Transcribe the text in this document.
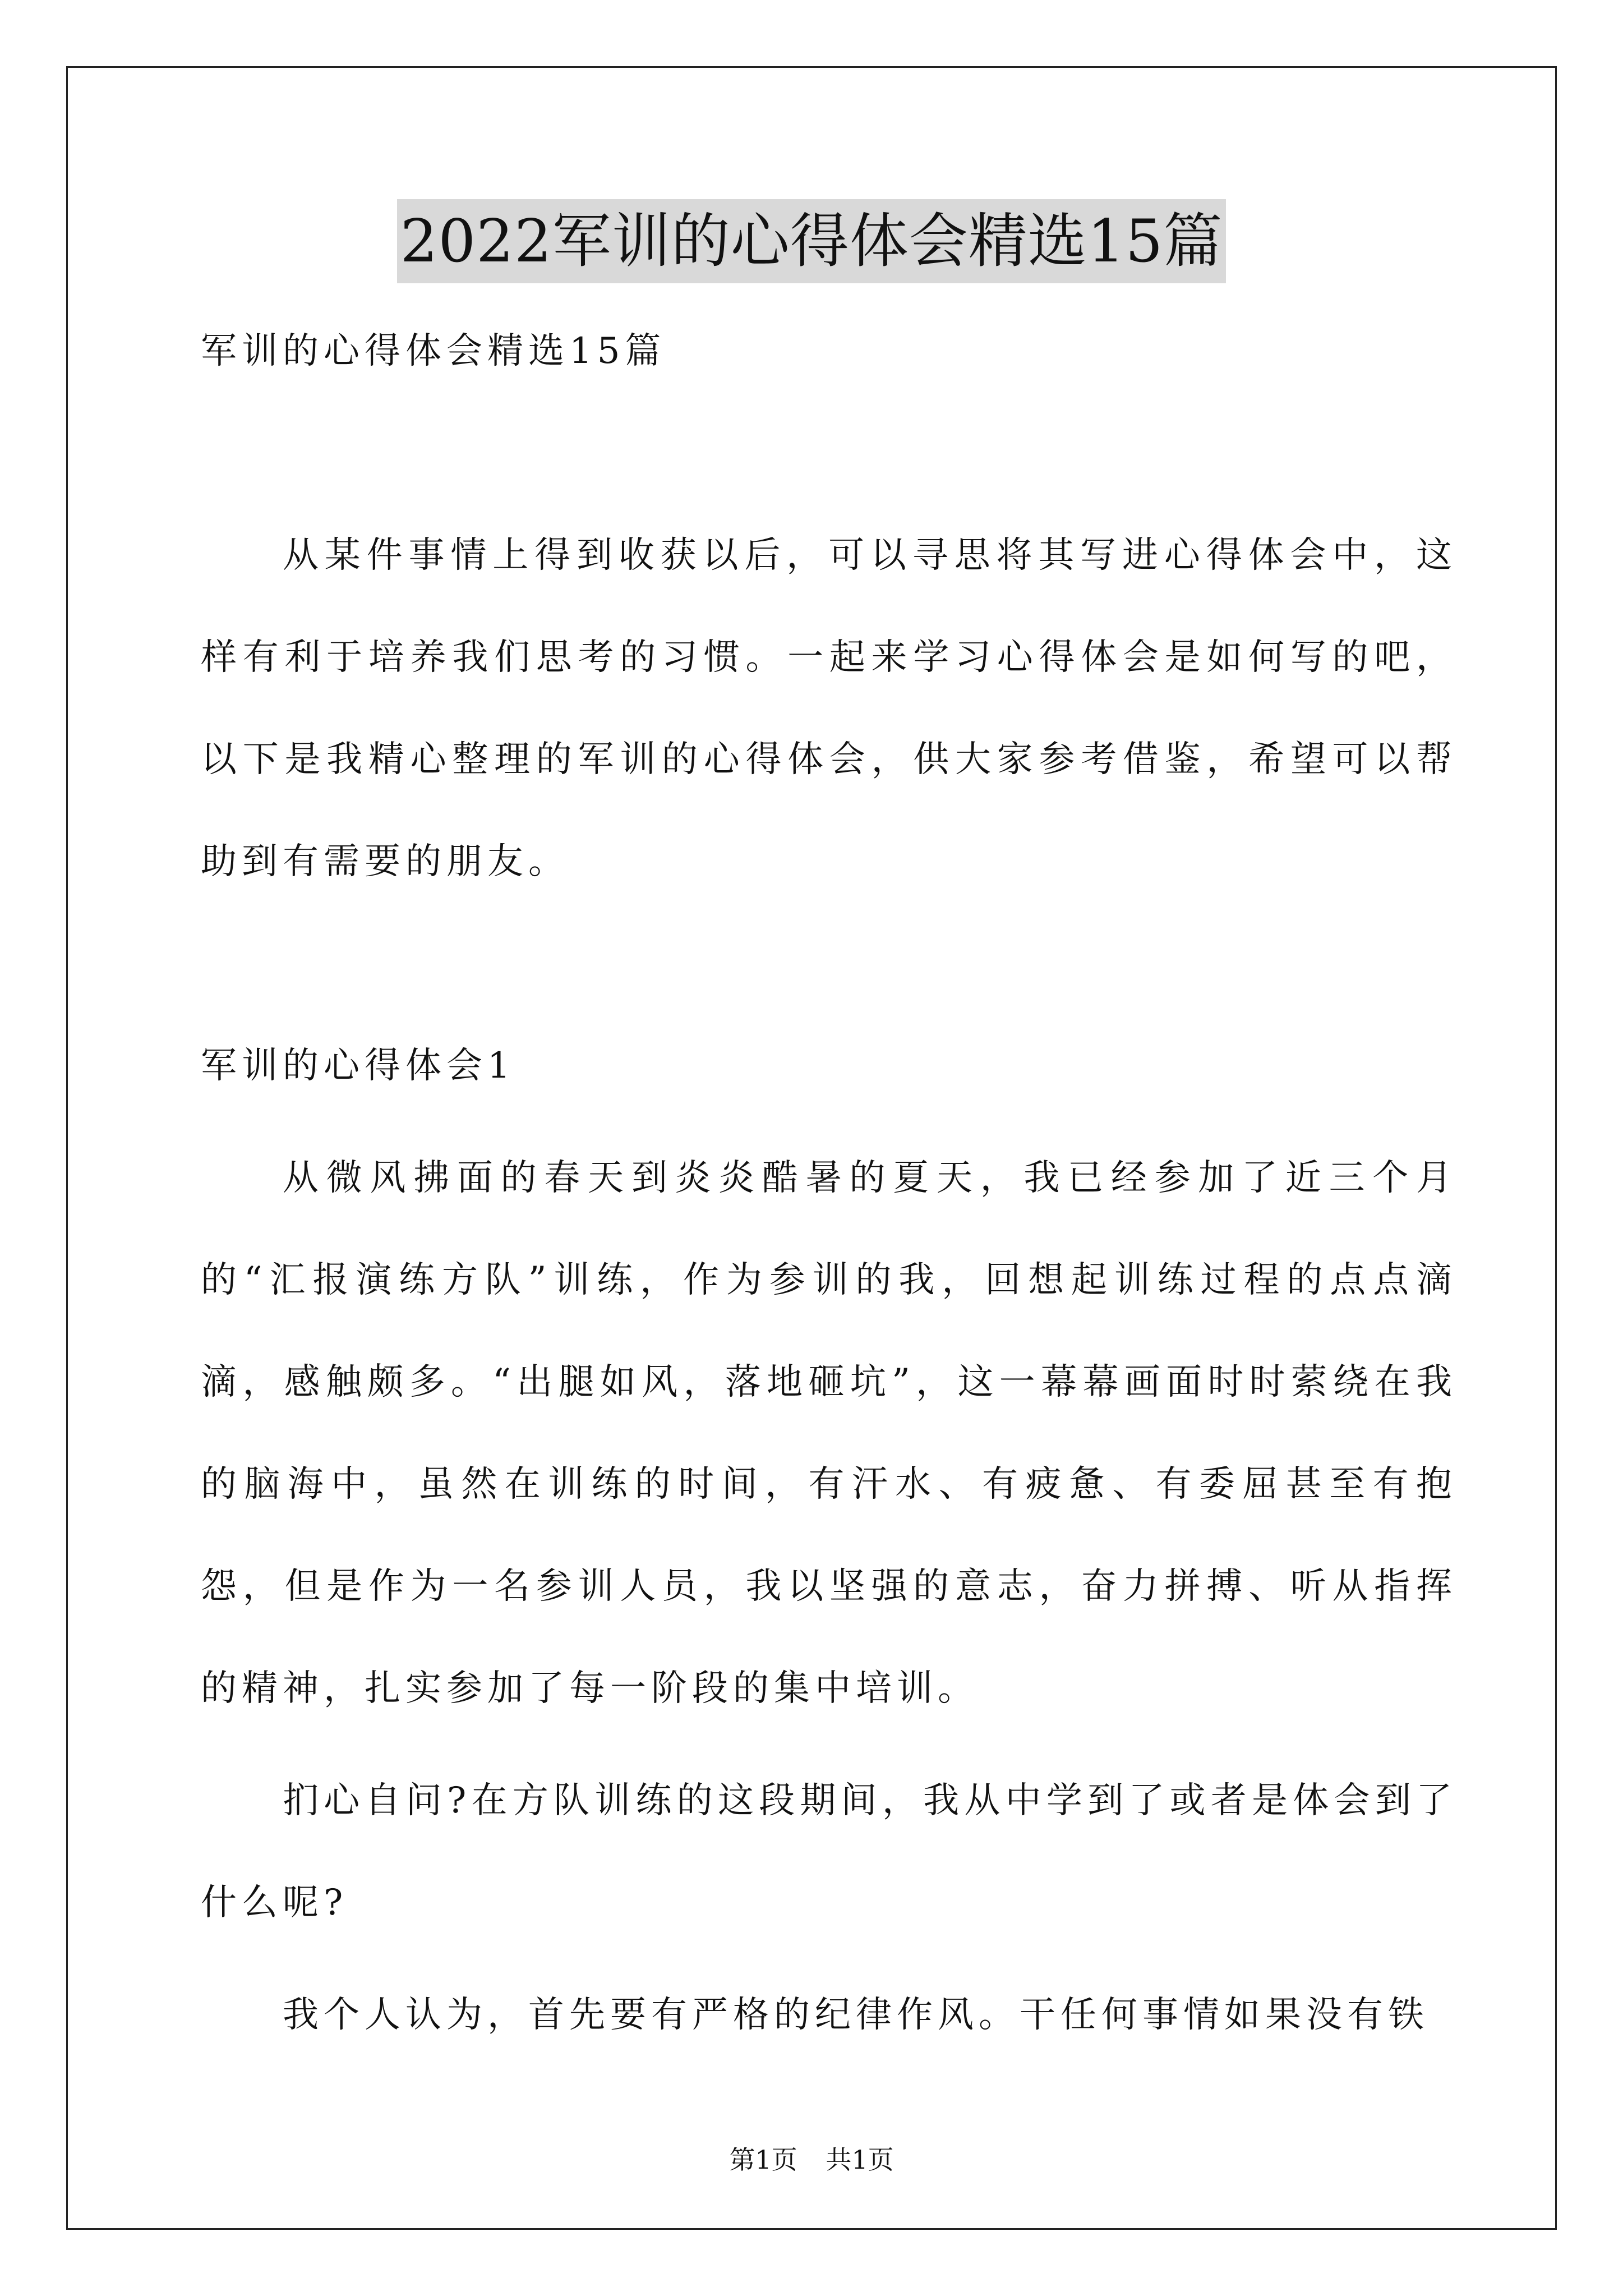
2022军训的心得体会精选15篇

军训的心得体会精选15篇

从某件事情上得到收获以后，可以寻思将其写进心得体会中，这样有利于培养我们思考的习惯。一起来学习心得体会是如何写的吧，以下是我精心整理的军训的心得体会，供大家参考借鉴，希望可以帮助到有需要的朋友。

军训的心得体会1

从微风拂面的春天到炎炎酷暑的夏天，我已经参加了近三个月的“汇报演练方队”训练，作为参训的我，回想起训练过程的点点滴滴，感触颇多。“出腿如风，落地砸坑”，这一幕幕画面时时萦绕在我的脑海中，虽然在训练的时间，有汗水、有疲惫、有委屈甚至有抱怨，但是作为一名参训人员，我以坚强的意志，奋力拼搏、听从指挥的精神，扎实参加了每一阶段的集中培训。

扪心自问?在方队训练的这段期间，我从中学到了或者是体会到了什么呢?

我个人认为，首先要有严格的纪律作风。干任何事情如果没有铁

第1页 共1页
